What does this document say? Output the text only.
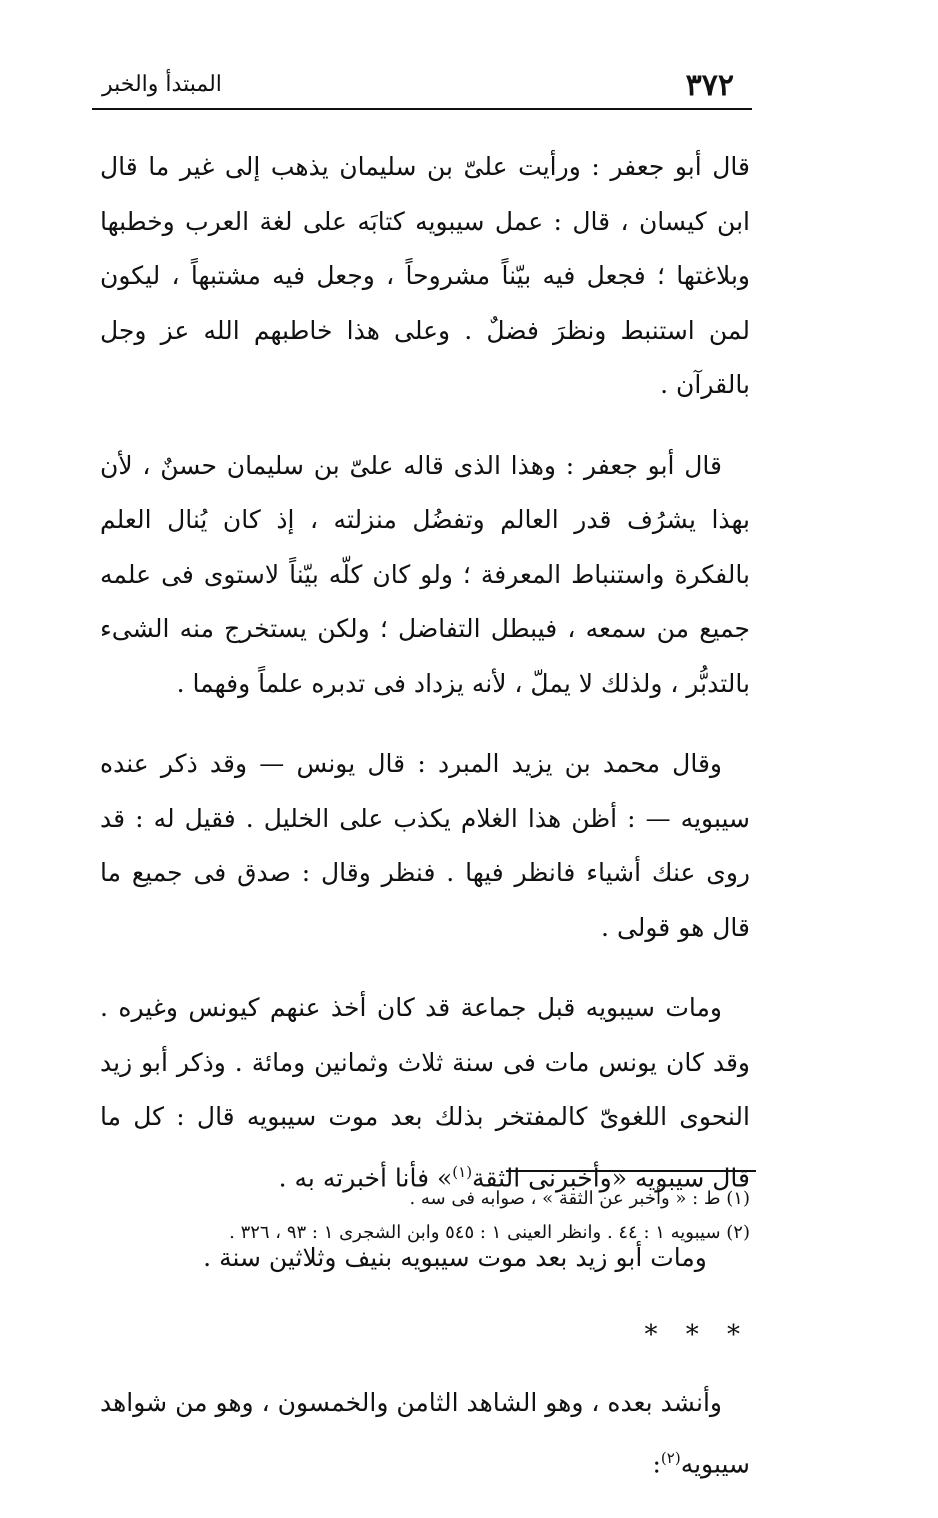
٣٧٢
المبتدأ والخبر

قال أبو جعفر : ورأيت علىّ بن سليمان يذهب إلى غير ما قال ابن كيسان ، قال : عمل سيبويه كتابَه على لغة العرب وخطبها وبلاغتها ؛ فجعل فيه بيّناً مشروحاً ، وجعل فيه مشتبهاً ، ليكون لمن استنبط ونظرَ فضلٌ . وعلى هذا خاطبهم الله عز وجل بالقرآن .

قال أبو جعفر : وهذا الذى قاله علىّ بن سليمان حسنٌ ، لأن بهذا يشرُف قدر العالم وتفضُل منزلته ، إذ كان يُنال العلم بالفكرة واستنباط المعرفة ؛ ولو كان كلّه بيّناً لاستوى فى علمه جميع من سمعه ، فيبطل التفاضل ؛ ولكن يستخرج منه الشىء بالتدبُّر ، ولذلك لا يملّ ، لأنه يزداد فى تدبره علماً وفهما .

وقال محمد بن يزيد المبرد : قال يونس — وقد ذكر عنده سيبويه — : أظن هذا الغلام يكذب على الخليل . فقيل له : قد روى عنك أشياء فانظر فيها . فنظر وقال : صدق فى جميع ما قال هو قولى .

ومات سيبويه قبل جماعة قد كان أخذ عنهم كيونس وغيره . وقد كان يونس مات فى سنة ثلاث وثمانين ومائة . وذكر أبو زيد النحوى اللغوىّ كالمفتخر بذلك بعد موت سيبويه قال : كل ما قال سيبويه «وأخبرنى الثقة$^{(١)}$» فأنا أخبرته به .

ومات أبو زيد بعد موت سيبويه بنيف وثلاثين سنة .

* * *

وأنشد بعده ، وهو الشاهد الثامن والخمسون ، وهو من شواهد سيبويه$^{(٢)}$:

(١) ط : « وأخبر عن الثقة » ، صوابه فى سه .

(٢) سيبويه ١ : ٤٤ . وانظر العينى ١ : ٥٤٥ وابن الشجرى ١ : ٩٣ ، ٣٢٦ .
